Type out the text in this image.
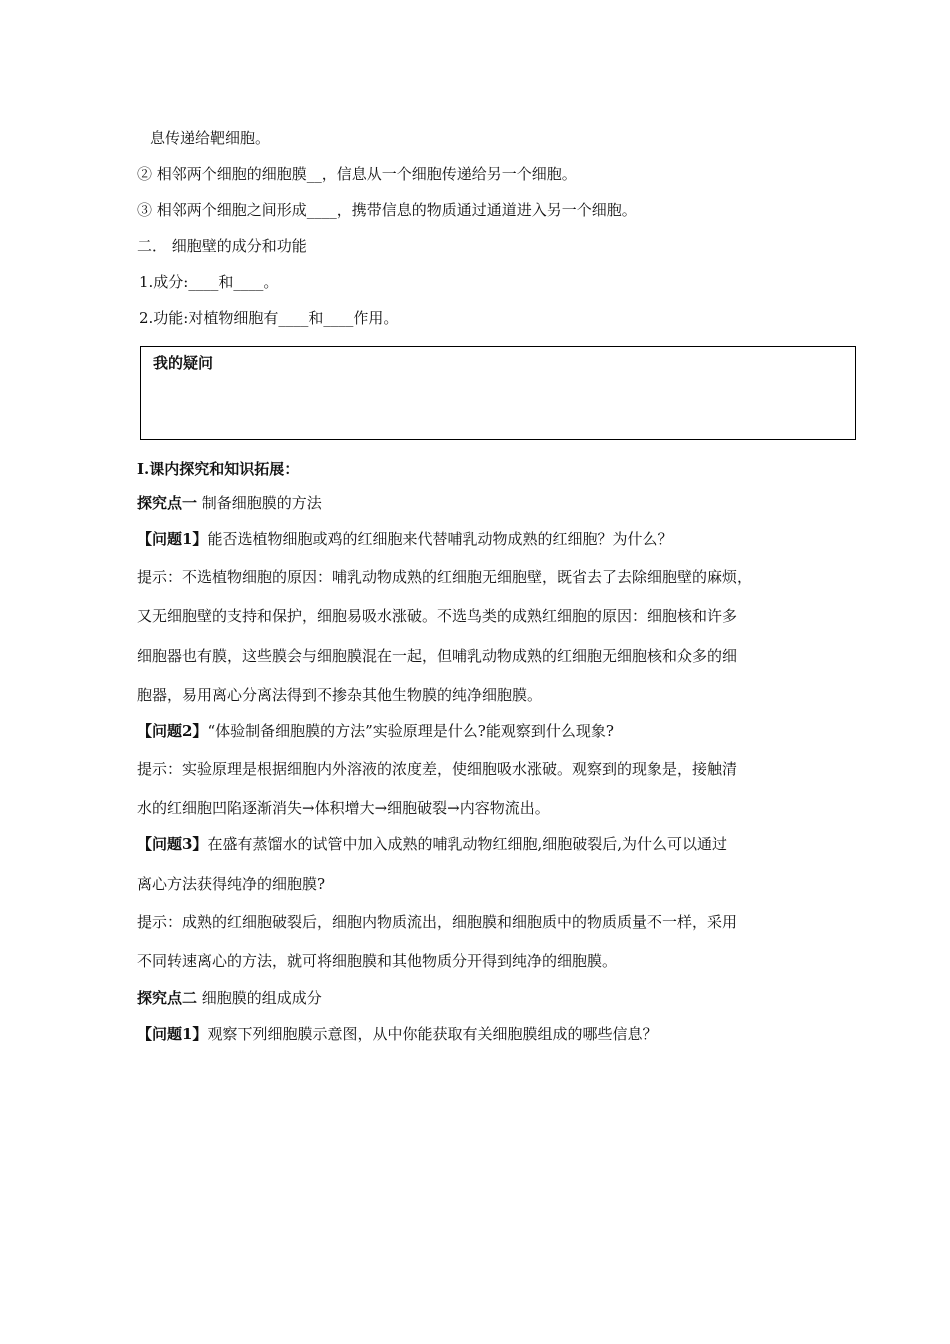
息传递给靶细胞。
② 相邻两个细胞的细胞膜__，信息从一个细胞传递给另一个细胞。
③ 相邻两个细胞之间形成____，携带信息的物质通过通道进入另一个细胞。
二． 细胞壁的成分和功能
1.成分:____和____。
2.功能:对植物细胞有____和____作用。
我的疑问
Ⅰ.课内探究和知识拓展：
探究点一 制备细胞膜的方法
【问题1】能否选植物细胞或鸡的红细胞来代替哺乳动物成熟的红细胞？为什么？
提示：不选植物细胞的原因：哺乳动物成熟的红细胞无细胞壁，既省去了去除细胞壁的麻烦，
又无细胞壁的支持和保护，细胞易吸水涨破。不选鸟类的成熟红细胞的原因：细胞核和许多
细胞器也有膜，这些膜会与细胞膜混在一起，但哺乳动物成熟的红细胞无细胞核和众多的细
胞器，易用离心分离法得到不掺杂其他生物膜的纯净细胞膜。
【问题2】“体验制备细胞膜的方法”实验原理是什么?能观察到什么现象?
提示：实验原理是根据细胞内外溶液的浓度差，使细胞吸水涨破。观察到的现象是，接触清
水的红细胞凹陷逐渐消失→体积增大→细胞破裂→内容物流出。
【问题3】在盛有蒸馏水的试管中加入成熟的哺乳动物红细胞,细胞破裂后,为什么可以通过
离心方法获得纯净的细胞膜?
提示：成熟的红细胞破裂后，细胞内物质流出，细胞膜和细胞质中的物质质量不一样，采用
不同转速离心的方法，就可将细胞膜和其他物质分开得到纯净的细胞膜。
探究点二 细胞膜的组成成分
【问题1】观察下列细胞膜示意图，从中你能获取有关细胞膜组成的哪些信息？
